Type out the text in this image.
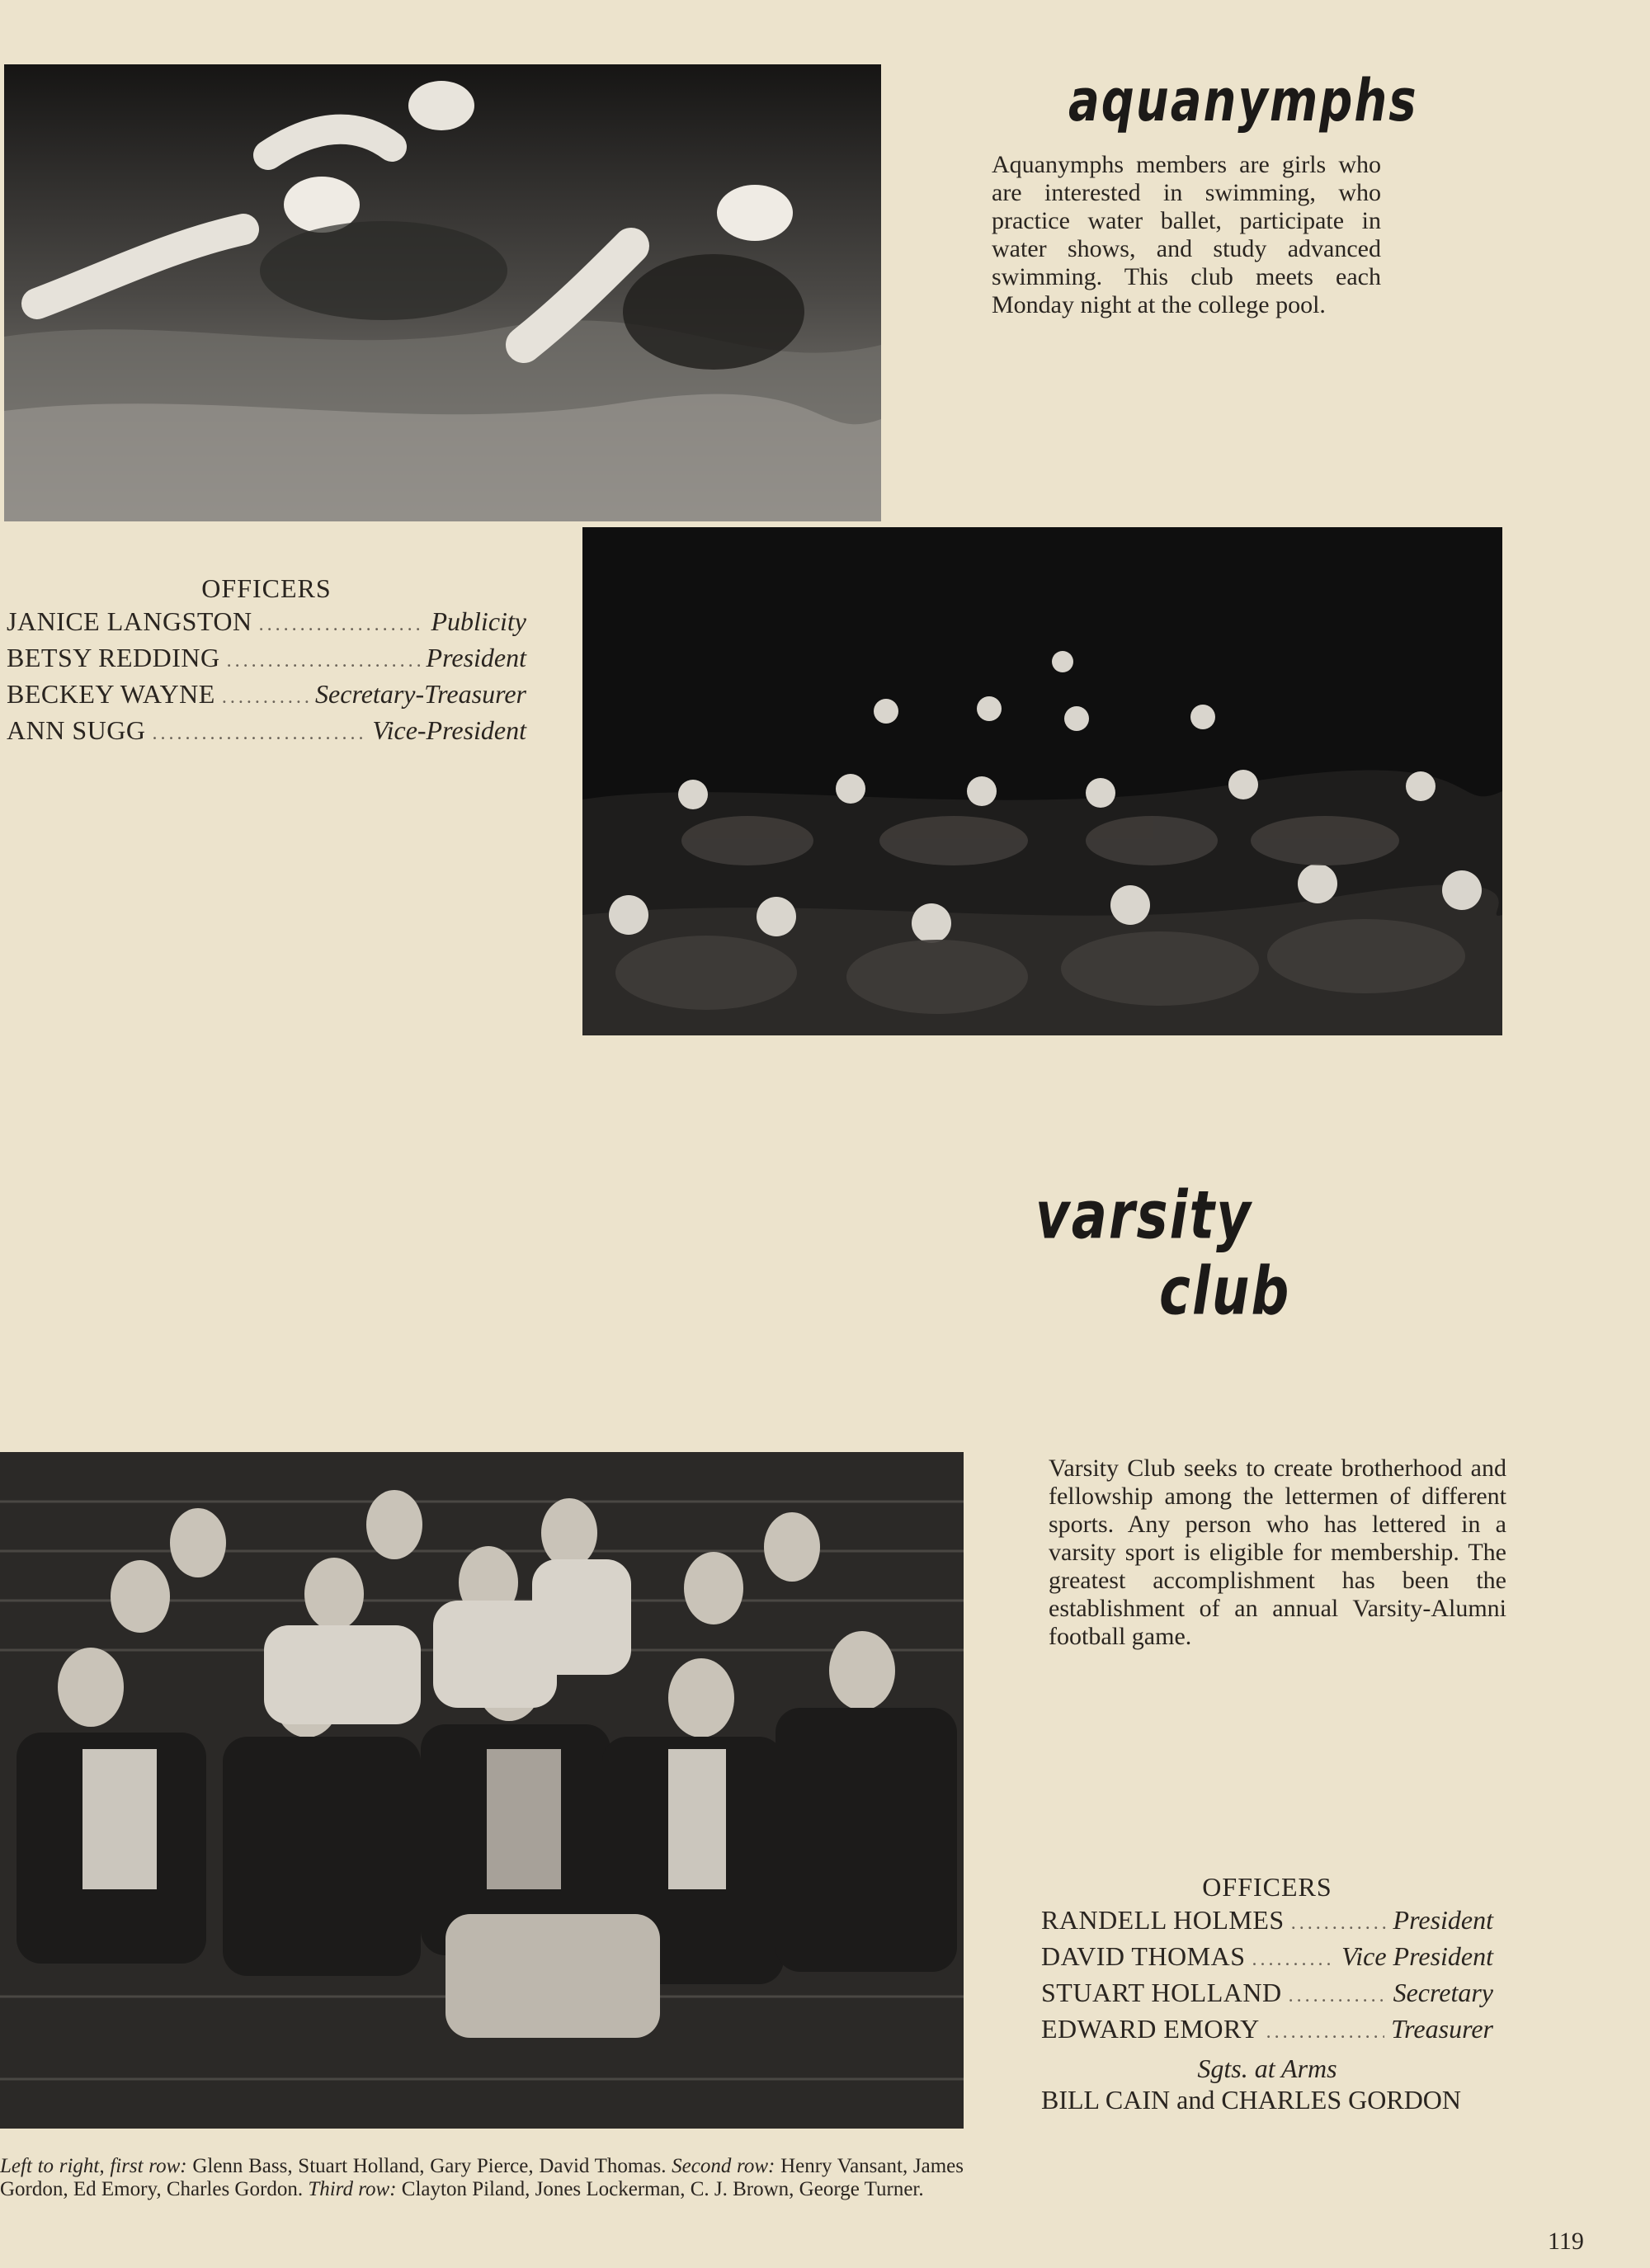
aquanymphs

Aquanymphs members are girls who are interested in swimming, who practice water ballet, participate in water shows, and study advanced swimming. This club meets each Monday night at the college pool.

OFFICERS
JANICE LANGSTON .....	Publicity
BETSY REDDING .....	President
BECKEY WAYNE .....	Secretary-Treasurer
ANN SUGG .....	Vice-President
varsity
club

Varsity Club seeks to create brotherhood and fellowship among the lettermen of different sports. Any person who has lettered in a varsity sport is eligible for membership. The greatest accomplishment has been the establishment of an annual Varsity-Alumni football game.

OFFICERS
RANDELL HOLMES .....	President
DAVID THOMAS .....	Vice President
STUART HOLLAND .....	Secretary
EDWARD EMORY .....	Treasurer
Sgts. at Arms
BILL CAIN and CHARLES GORDON

Left to right, first row: Glenn Bass, Stuart Holland, Gary Pierce, David Thomas. Second row: Henry Vansant, James Gordon, Ed Emory, Charles Gordon. Third row: Clayton Piland, Jones Lockerman, C. J. Brown, George Turner.

119
